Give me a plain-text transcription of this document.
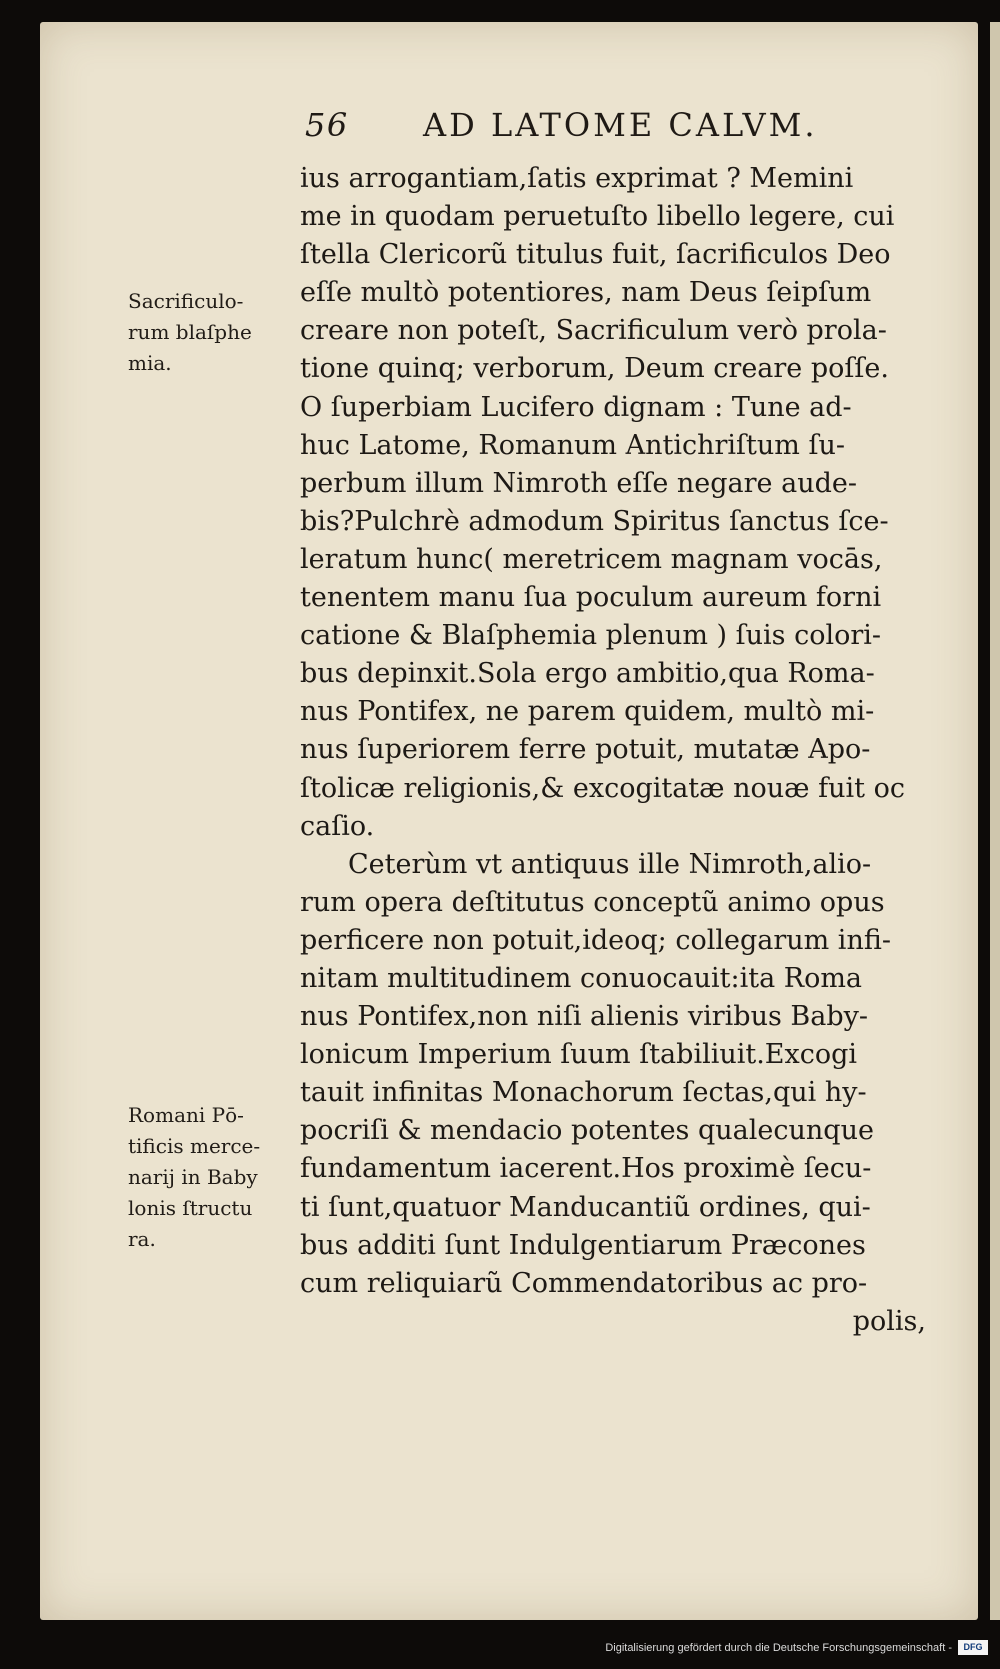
56 AD LATOME CALVM.

ius arrogantiam,ſatis exprimat ? Memini
me in quodam peruetuſto libello legere, cui
ſtella Clericorũ titulus fuit, ſacrificulos Deo
eſſe multò potentiores, nam Deus ſeipſum
creare non poteſt, Sacrificulum verò prola-
tione quinq; verborum, Deum creare poſſe.
O ſuperbiam Lucifero dignam : Tune ad-
huc Latome, Romanum Antichriſtum ſu-
perbum illum Nimroth eſſe negare aude-
bis?Pulchrè admodum Spiritus ſanctus ſce-
leratum hunc( meretricem magnam vocās,
tenentem manu ſua poculum aureum forni
catione & Blaſphemia plenum ) ſuis colori-
bus depinxit.Sola ergo ambitio,qua Roma-
nus Pontifex, ne parem quidem, multò mi-
nus ſuperiorem ferre potuit, mutatæ Apo-
ſtolicæ religionis,& excogitatæ nouæ fuit oc
caſio.
Ceterùm vt antiquus ille Nimroth,alio-
rum opera deſtitutus conceptũ animo opus
perficere non potuit,ideoq; collegarum infi-
nitam multitudinem conuocauit:ita Roma
nus Pontifex,non niſi alienis viribus Baby-
lonicum Imperium ſuum ſtabiliuit.Excogi
tauit infinitas Monachorum ſectas,qui hy-
pocriſi & mendacio potentes qualecunque
fundamentum iacerent.Hos proximè ſecu-
ti ſunt,quatuor Manducantiũ ordines, qui-
bus additi ſunt Indulgentiarum Præcones
cum reliquiarũ Commendatoribus ac pro-
polis,

Sacrificulo-
rum blaſphe
mia.

Romani Pō-
tificis merce-
narij in Baby
lonis ſtructu
ra.

Digitalisierung gefördert durch die Deutsche Forschungsgemeinschaft -	DFG
